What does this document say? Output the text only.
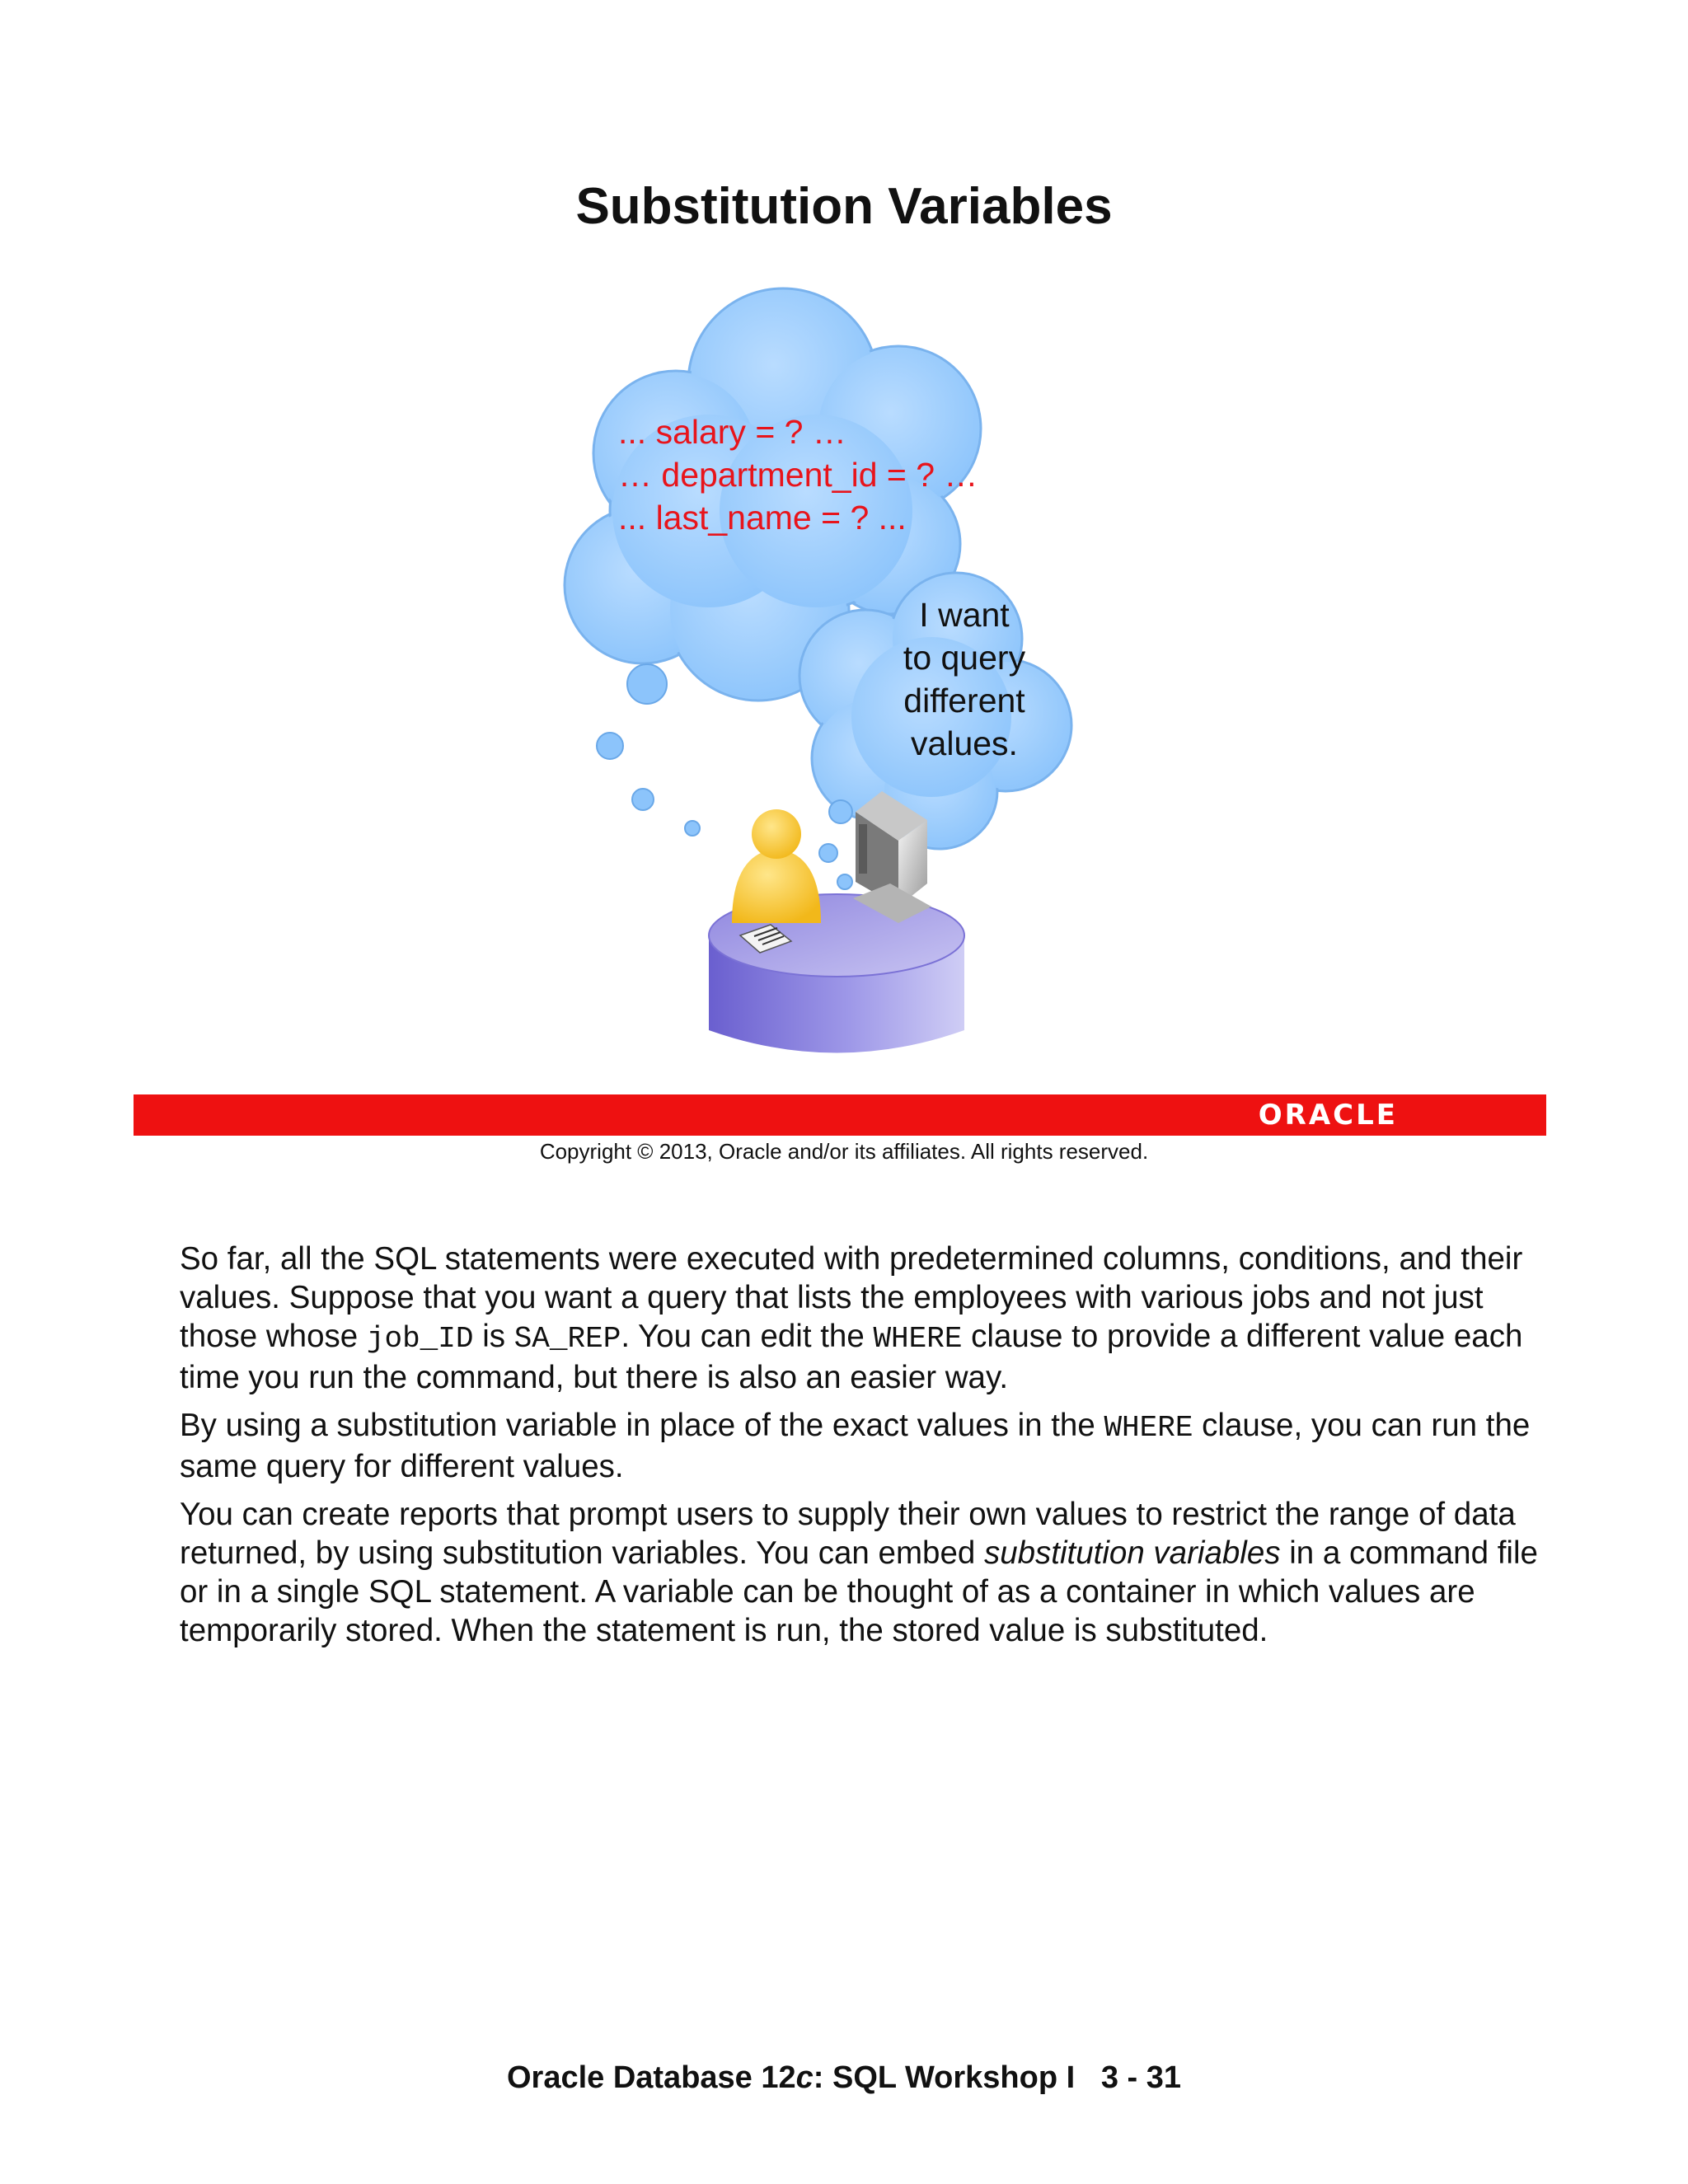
Substitution Variables
... salary = ? …
… department_id = ? …
... last_name = ? ...
I want
to query
different
values.
ORACLE
Copyright © 2013, Oracle and/or its affiliates. All rights reserved.

So far, all the SQL statements were executed with predetermined columns, conditions, and their values. Suppose that you want a query that lists the employees with various jobs and not just those whose job_ID is SA_REP. You can edit the WHERE clause to provide a different value each time you run the command, but there is also an easier way.

By using a substitution variable in place of the exact values in the WHERE clause, you can run the same query for different values.

You can create reports that prompt users to supply their own values to restrict the range of data returned, by using substitution variables. You can embed substitution variables in a command file or in a single SQL statement. A variable can be thought of as a container in which values are temporarily stored. When the statement is run, the stored value is substituted.

Oracle Database 12c: SQL Workshop I   3 - 31
